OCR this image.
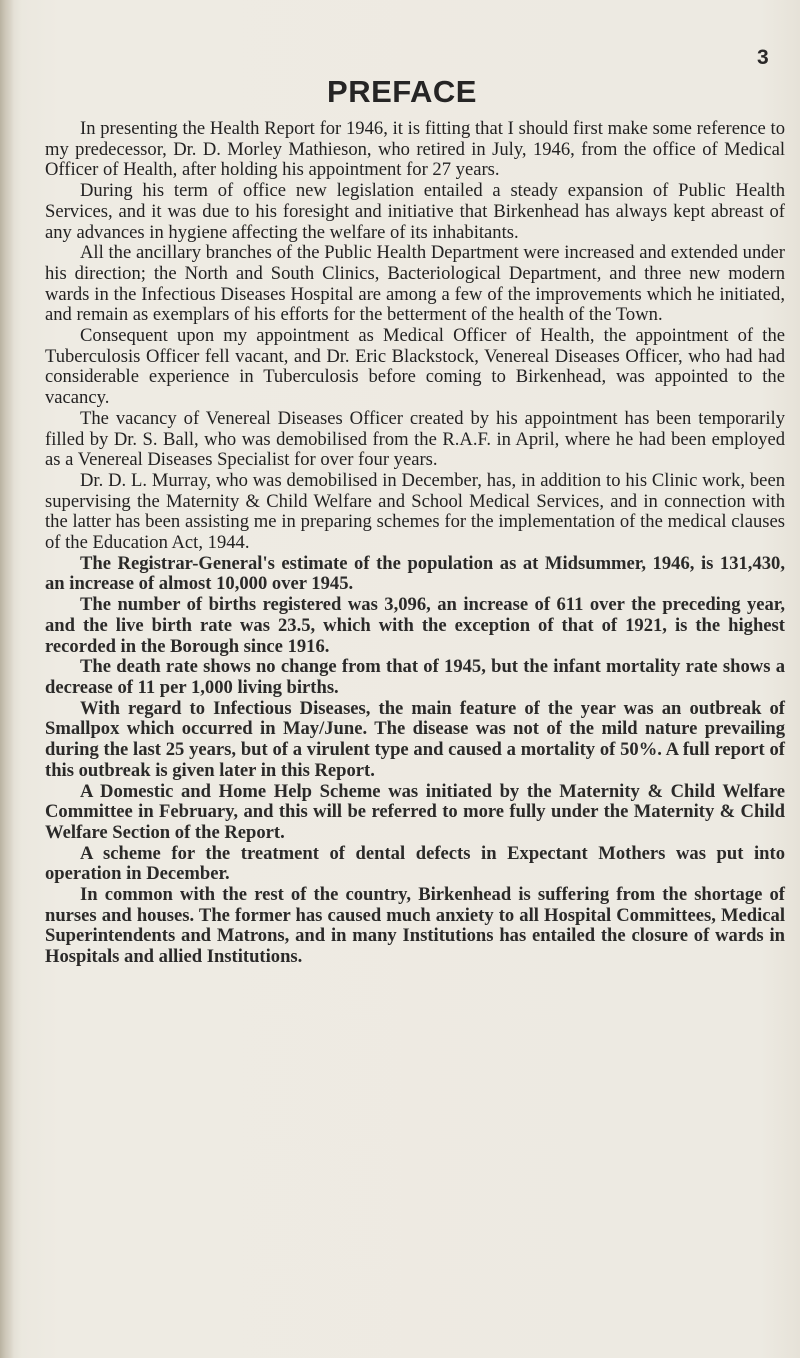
3
PREFACE

In presenting the Health Report for 1946, it is fitting that I should first make some reference to my predecessor, Dr. D. Morley Mathieson, who retired in July, 1946, from the office of Medical Officer of Health, after holding his appointment for 27 years.

During his term of office new legislation entailed a steady expansion of Public Health Services, and it was due to his foresight and initiative that Birkenhead has always kept abreast of any advances in hygiene affecting the welfare of its inhabitants.

All the ancillary branches of the Public Health Department were increased and extended under his direction; the North and South Clinics, Bacteriological Department, and three new modern wards in the Infectious Diseases Hospital are among a few of the improvements which he initiated, and remain as exemplars of his efforts for the betterment of the health of the Town.

Consequent upon my appointment as Medical Officer of Health, the appointment of the Tuberculosis Officer fell vacant, and Dr. Eric Blackstock, Venereal Diseases Officer, who had had considerable experience in Tuberculosis before coming to Birkenhead, was appointed to the vacancy.

The vacancy of Venereal Diseases Officer created by his appointment has been temporarily filled by Dr. S. Ball, who was demobilised from the R.A.F. in April, where he had been employed as a Venereal Diseases Specialist for over four years.

Dr. D. L. Murray, who was demobilised in December, has, in addition to his Clinic work, been supervising the Maternity & Child Welfare and School Medical Services, and in connection with the latter has been assisting me in preparing schemes for the implementation of the medical clauses of the Education Act, 1944.

The Registrar-General's estimate of the population as at Midsummer, 1946, is 131,430, an increase of almost 10,000 over 1945.

The number of births registered was 3,096, an increase of 611 over the preceding year, and the live birth rate was 23.5, which with the exception of that of 1921, is the highest recorded in the Borough since 1916.

The death rate shows no change from that of 1945, but the infant mortality rate shows a decrease of 11 per 1,000 living births.

With regard to Infectious Diseases, the main feature of the year was an outbreak of Smallpox which occurred in May/June. The disease was not of the mild nature prevailing during the last 25 years, but of a virulent type and caused a mortality of 50%. A full report of this outbreak is given later in this Report.

A Domestic and Home Help Scheme was initiated by the Maternity & Child Welfare Committee in February, and this will be referred to more fully under the Maternity & Child Welfare Section of the Report.

A scheme for the treatment of dental defects in Expectant Mothers was put into operation in December.

In common with the rest of the country, Birkenhead is suffering from the shortage of nurses and houses. The former has caused much anxiety to all Hospital Committees, Medical Superintendents and Matrons, and in many Institutions has entailed the closure of wards in Hospitals and allied Institutions.
